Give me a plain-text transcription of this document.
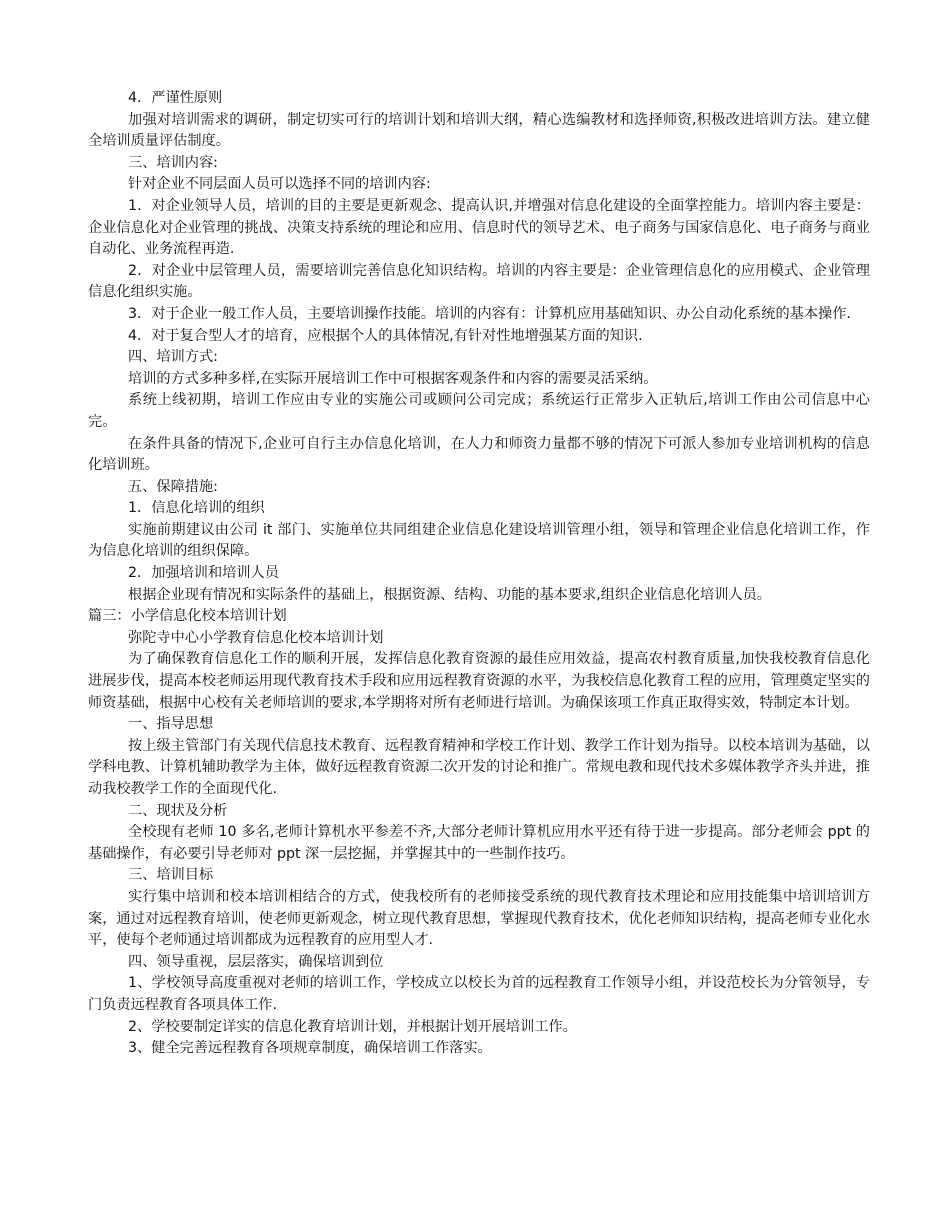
4．严谨性原则

加强对培训需求的调研，制定切实可行的培训计划和培训大纲，精心选编教材和选择师资,积极改进培训方法。建立健全培训质量评估制度。

三、培训内容:

针对企业不同层面人员可以选择不同的培训内容:

1．对企业领导人员，培训的目的主要是更新观念、提高认识,并增强对信息化建设的全面掌控能力。培训内容主要是：企业信息化对企业管理的挑战、决策支持系统的理论和应用、信息时代的领导艺术、电子商务与国家信息化、电子商务与商业自动化、业务流程再造.

2．对企业中层管理人员，需要培训完善信息化知识结构。培训的内容主要是：企业管理信息化的应用模式、企业管理信息化组织实施。

3．对于企业一般工作人员，主要培训操作技能。培训的内容有：计算机应用基础知识、办公自动化系统的基本操作.

4．对于复合型人才的培育，应根据个人的具体情况,有针对性地增强某方面的知识.

四、培训方式:

培训的方式多种多样,在实际开展培训工作中可根据客观条件和内容的需要灵活采纳。

系统上线初期，培训工作应由专业的实施公司或顾问公司完成；系统运行正常步入正轨后,培训工作由公司信息中心完。

在条件具备的情况下,企业可自行主办信息化培训，在人力和师资力量都不够的情况下可派人参加专业培训机构的信息化培训班。

五、保障措施:

1．信息化培训的组织

实施前期建议由公司 it 部门、实施单位共同组建企业信息化建设培训管理小组，领导和管理企业信息化培训工作，作为信息化培训的组织保障。

2．加强培训和培训人员

根据企业现有情况和实际条件的基础上，根据资源、结构、功能的基本要求,组织企业信息化培训人员。

篇三：小学信息化校本培训计划

弥陀寺中心小学教育信息化校本培训计划

为了确保教育信息化工作的顺利开展，发挥信息化教育资源的最佳应用效益，提高农村教育质量,加快我校教育信息化进展步伐，提高本校老师运用现代教育技术手段和应用远程教育资源的水平，为我校信息化教育工程的应用，管理奠定坚实的师资基础，根据中心校有关老师培训的要求,本学期将对所有老师进行培训。为确保该项工作真正取得实效，特制定本计划。

一、指导思想

按上级主管部门有关现代信息技术教育、远程教育精神和学校工作计划、教学工作计划为指导。以校本培训为基础，以学科电教、计算机辅助教学为主体，做好远程教育资源二次开发的讨论和推广。常规电教和现代技术多媒体教学齐头并进，推动我校教学工作的全面现代化.

二、现状及分析

全校现有老师 10 多名,老师计算机水平参差不齐,大部分老师计算机应用水平还有待于进一步提高。部分老师会 ppt 的基础操作，有必要引导老师对 ppt 深一层挖掘，并掌握其中的一些制作技巧。

三、培训目标

实行集中培训和校本培训相结合的方式，使我校所有的老师接受系统的现代教育技术理论和应用技能集中培训培训方案，通过对远程教育培训，使老师更新观念，树立现代教育思想，掌握现代教育技术，优化老师知识结构，提高老师专业化水平，使每个老师通过培训都成为远程教育的应用型人才.

四、领导重视，层层落实，确保培训到位

1、学校领导高度重视对老师的培训工作，学校成立以校长为首的远程教育工作领导小组，并设范校长为分管领导，专门负责远程教育各项具体工作.

2、学校要制定详实的信息化教育培训计划，并根据计划开展培训工作。

3、健全完善远程教育各项规章制度，确保培训工作落实。
